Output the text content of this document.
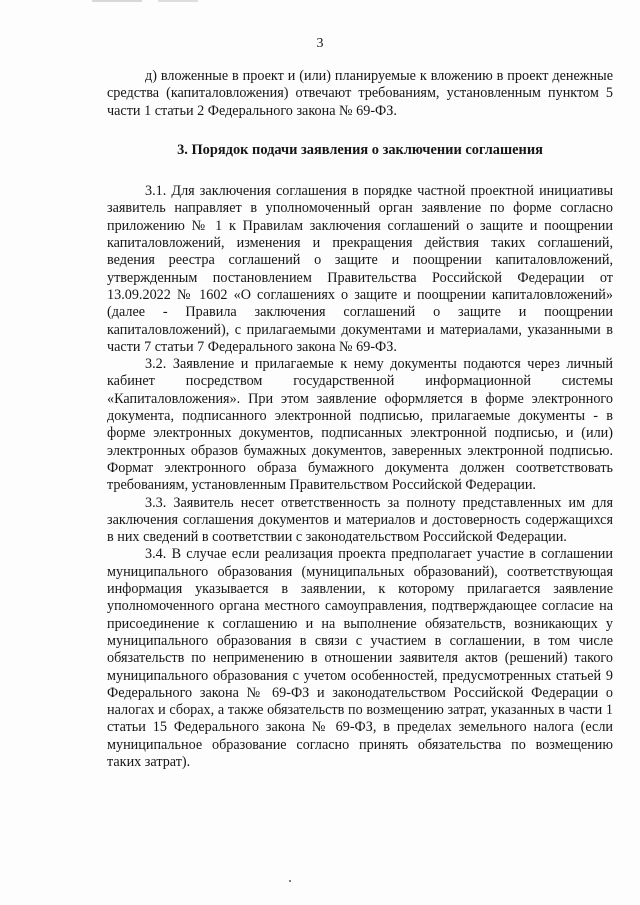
3

д) вложенные в проект и (или) планируемые к вложению в проект денежные средства (капиталовложения) отвечают требованиям, установленным пунктом 5 части 1 статьи 2 Федерального закона № 69-ФЗ.

3. Порядок подачи заявления о заключении соглашения

3.1. Для заключения соглашения в порядке частной проектной инициативы заявитель направляет в уполномоченный орган заявление по форме согласно приложению № 1 к Правилам заключения соглашений о защите и поощрении капиталовложений, изменения и прекращения действия таких соглашений, ведения реестра соглашений о защите и поощрении капиталовложений, утвержденным постановлением Правительства Российской Федерации от 13.09.2022 № 1602 «О соглашениях о защите и поощрении капиталовложений» (далее - Правила заключения соглашений о защите и поощрении капиталовложений), с прилагаемыми документами и материалами, указанными в части 7 статьи 7 Федерального закона № 69-ФЗ.

3.2. Заявление и прилагаемые к нему документы подаются через личный кабинет посредством государственной информационной системы «Капиталовложения». При этом заявление оформляется в форме электронного документа, подписанного электронной подписью, прилагаемые документы - в форме электронных документов, подписанных электронной подписью, и (или) электронных образов бумажных документов, заверенных электронной подписью. Формат электронного образа бумажного документа должен соответствовать требованиям, установленным Правительством Российской Федерации.

3.3. Заявитель несет ответственность за полноту представленных им для заключения соглашения документов и материалов и достоверность содержащихся в них сведений в соответствии с законодательством Российской Федерации.

3.4. В случае если реализация проекта предполагает участие в соглашении муниципального образования (муниципальных образований), соответствующая информация указывается в заявлении, к которому прилагается заявление уполномоченного органа местного самоуправления, подтверждающее согласие на присоединение к соглашению и на выполнение обязательств, возникающих у муниципального образования в связи с участием в соглашении, в том числе обязательств по неприменению в отношении заявителя актов (решений) такого муниципального образования с учетом особенностей, предусмотренных статьей 9 Федерального закона № 69-ФЗ и законодательством Российской Федерации о налогах и сборах, а также обязательств по возмещению затрат, указанных в части 1 статьи 15 Федерального закона № 69-ФЗ, в пределах земельного налога (если муниципальное образование согласно принять обязательства по возмещению таких затрат).
